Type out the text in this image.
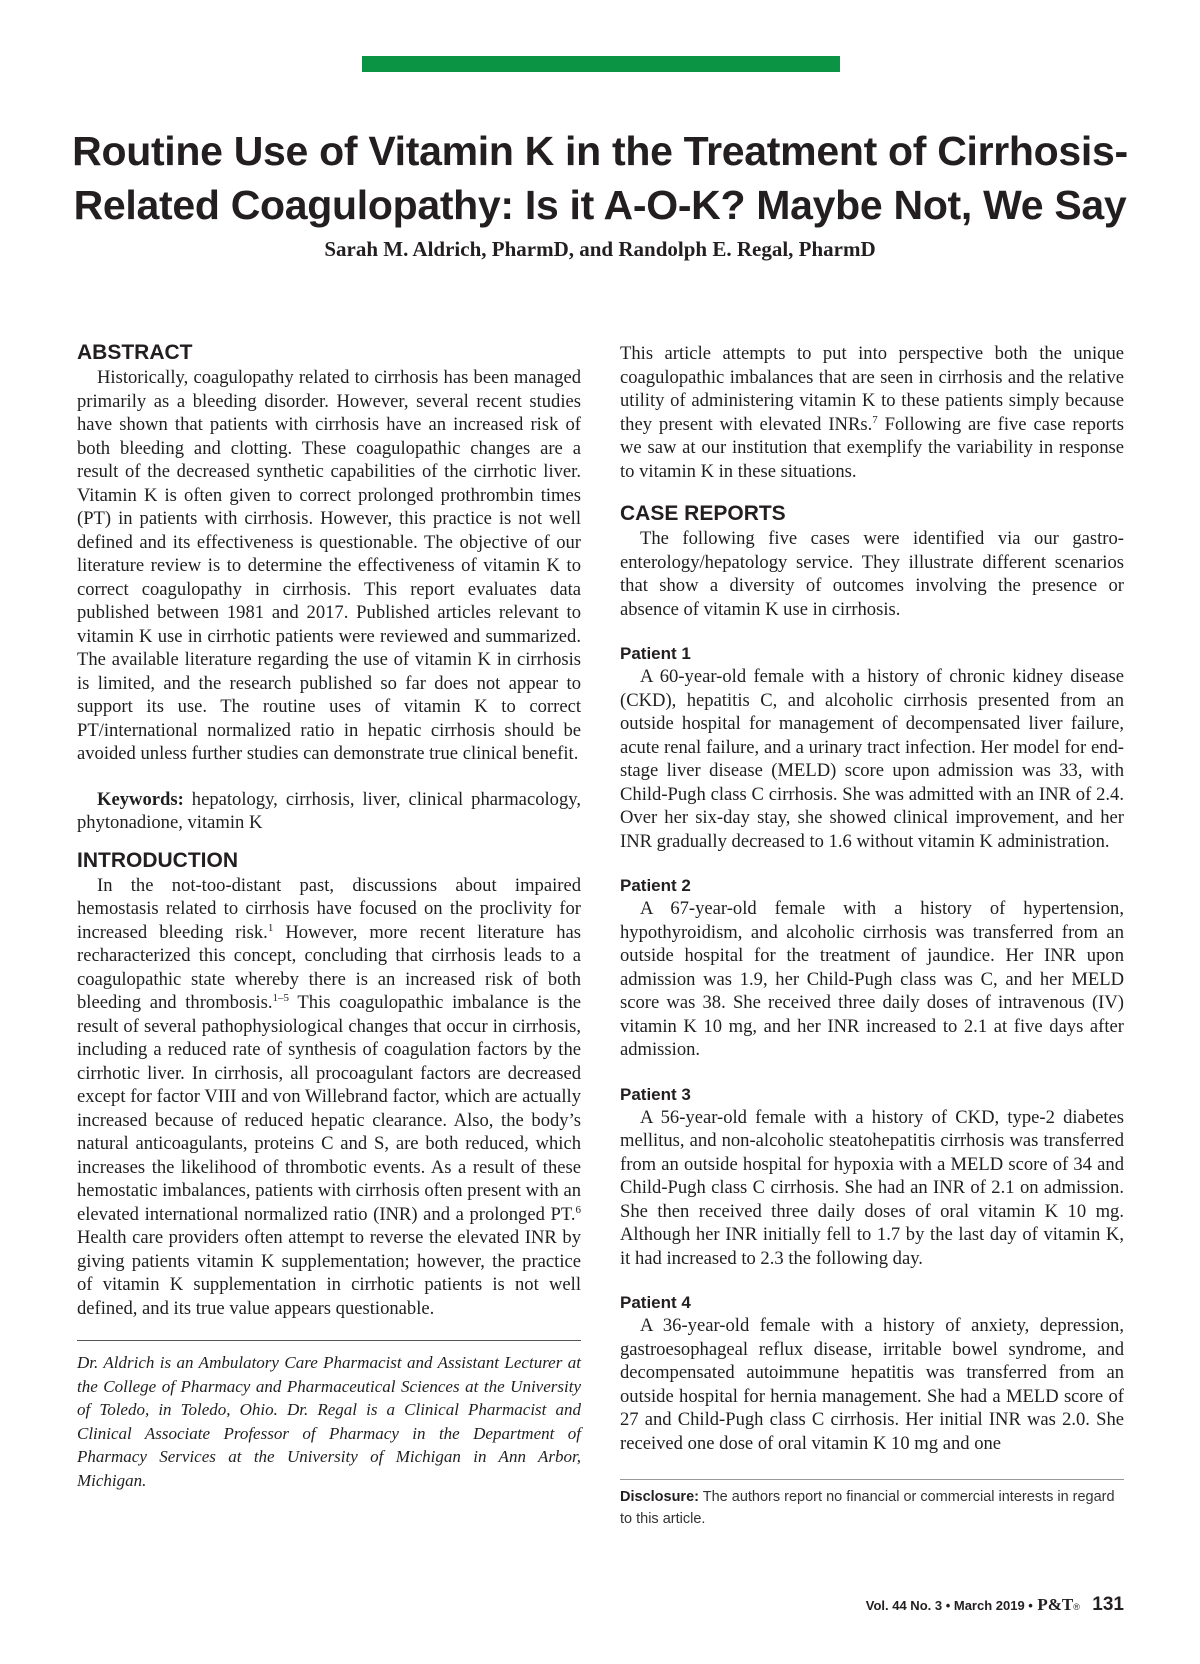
Routine Use of Vitamin K in the Treatment of Cirrhosis-
Related Coagulopathy: Is it A-O-K? Maybe Not, We Say
Sarah M. Aldrich, PharmD, and Randolph E. Regal, PharmD
ABSTRACT

Historically, coagulopathy related to cirrhosis has been managed primarily as a bleeding disorder. However, several recent studies have shown that patients with cirrhosis have an increased risk of both bleeding and clotting. These coagulopathic changes are a result of the decreased synthetic capabilities of the cirrhotic liver. Vitamin K is often given to correct prolonged prothrombin times (PT) in patients with cirrhosis. However, this practice is not well defined and its effectiveness is questionable. The objective of our literature review is to determine the effectiveness of vitamin K to correct coagulopathy in cirrhosis. This report evaluates data published between 1981 and 2017. Published articles relevant to vitamin K use in cirrhotic patients were reviewed and summarized. The available literature regarding the use of vitamin K in cirrhosis is limited, and the research published so far does not appear to support its use. The routine uses of vitamin K to correct PT/international normalized ratio in hepatic cirrhosis should be avoided unless further studies can demonstrate true clinical benefit.

Keywords: hepatology, cirrhosis, liver, clinical pharmacology, phytonadione, vitamin K

INTRODUCTION

In the not-too-distant past, discussions about impaired hemostasis related to cirrhosis have focused on the proclivity for increased bleeding risk.$^1$ However, more recent literature has recharacterized this concept, concluding that cirrhosis leads to a coagulopathic state whereby there is an increased risk of both bleeding and thrombosis.$^{1-5}$ This coagulopathic imbalance is the result of several pathophysiological changes that occur in cirrhosis, including a reduced rate of synthesis of coagulation factors by the cirrhotic liver. In cirrhosis, all procoagulant factors are decreased except for factor VIII and von Willebrand factor, which are actually increased because of reduced hepatic clearance. Also, the body’s natural anticoagulants, proteins C and S, are both reduced, which increases the likelihood of thrombotic events. As a result of these hemostatic imbalances, patients with cirrhosis often present with an elevated international normalized ratio (INR) and a prolonged PT.$^6$ Health care providers often attempt to reverse the elevated INR by giving patients vitamin K supplementation; however, the practice of vitamin K supplementation in cirrhotic patients is not well defined, and its true value appears questionable.

Dr. Aldrich is an Ambulatory Care Pharmacist and Assistant Lecturer at the College of Pharmacy and Pharmaceutical Sciences at the University of Toledo, in Toledo, Ohio. Dr. Regal is a Clinical Pharmacist and Clinical Associate Professor of Pharmacy in the Department of Pharmacy Services at the University of Michigan in Ann Arbor, Michigan.

This article attempts to put into perspective both the unique coagulopathic imbalances that are seen in cirrhosis and the relative utility of administering vitamin K to these patients simply because they present with elevated INRs.$^7$ Following are five case reports we saw at our institution that exemplify the variability in response to vitamin K in these situations.

CASE REPORTS

The following five cases were identified via our gastro-enterology/hepatology service. They illustrate different scenarios that show a diversity of outcomes involving the presence or absence of vitamin K use in cirrhosis.

Patient 1

A 60-year-old female with a history of chronic kidney disease (CKD), hepatitis C, and alcoholic cirrhosis presented from an outside hospital for management of decompensated liver failure, acute renal failure, and a urinary tract infection. Her model for end-stage liver disease (MELD) score upon admission was 33, with Child-Pugh class C cirrhosis. She was admitted with an INR of 2.4. Over her six-day stay, she showed clinical improvement, and her INR gradually decreased to 1.6 without vitamin K administration.

Patient 2

A 67-year-old female with a history of hypertension, hypothyroidism, and alcoholic cirrhosis was transferred from an outside hospital for the treatment of jaundice. Her INR upon admission was 1.9, her Child-Pugh class was C, and her MELD score was 38. She received three daily doses of intravenous (IV) vitamin K 10 mg, and her INR increased to 2.1 at five days after admission.

Patient 3

A 56-year-old female with a history of CKD, type-2 diabetes mellitus, and non-alcoholic steatohepatitis cirrhosis was transferred from an outside hospital for hypoxia with a MELD score of 34 and Child-Pugh class C cirrhosis. She had an INR of 2.1 on admission. She then received three daily doses of oral vitamin K 10 mg. Although her INR initially fell to 1.7 by the last day of vitamin K, it had increased to 2.3 the following day.

Patient 4

A 36-year-old female with a history of anxiety, depression, gastroesophageal reflux disease, irritable bowel syndrome, and decompensated autoimmune hepatitis was transferred from an outside hospital for hernia management. She had a MELD score of 27 and Child-Pugh class C cirrhosis. Her initial INR was 2.0. She received one dose of oral vitamin K 10 mg and one

Disclosure: The authors report no financial or commercial interests in regard to this article.
Vol. 44 No. 3 • March 2019 • P&T® 131
